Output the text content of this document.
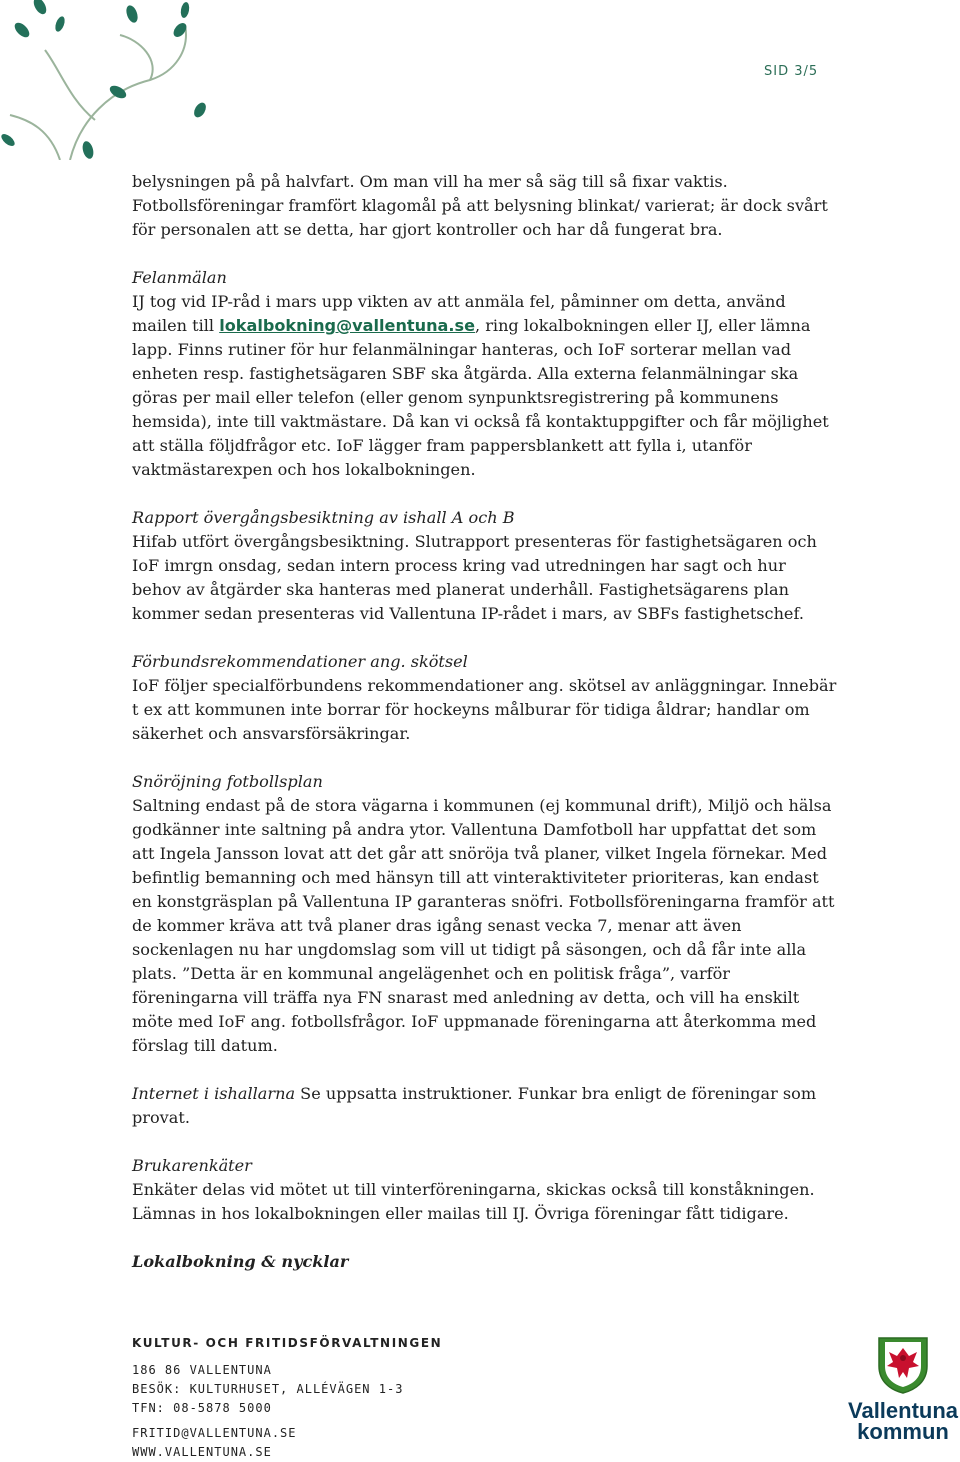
SID 3/5

belysningen på på halvfart. Om man vill ha mer så säg till så fixar vaktis.

Fotbollsföreningar framfört klagomål på att belysning blinkat/ varierat; är dock svårt för personalen att se detta, har gjort kontroller och har då fungerat bra.

Felanmälan

IJ tog vid IP-råd i mars upp vikten av att anmäla fel, påminner om detta, använd mailen till lokalbokning@vallentuna.se, ring lokalbokningen eller IJ, eller lämna lapp. Finns rutiner för hur felanmälningar hanteras, och IoF sorterar mellan vad enheten resp. fastighetsägaren SBF ska åtgärda. Alla externa felanmälningar ska göras per mail eller telefon (eller genom synpunktsregistrering på kommunens hemsida), inte till vaktmästare. Då kan vi också få kontaktuppgifter och får möjlighet att ställa följdfrågor etc. IoF lägger fram pappersblankett att fylla i, utanför vaktmästarexpen och hos lokalbokningen.

Rapport övergångsbesiktning av ishall A och B

Hifab utfört övergångsbesiktning. Slutrapport presenteras för fastighetsägaren och IoF imrgn onsdag, sedan intern process kring vad utredningen har sagt och hur behov av åtgärder ska hanteras med planerat underhåll. Fastighetsägarens plan kommer sedan presenteras vid Vallentuna IP-rådet i mars, av SBFs fastighetschef.

Förbundsrekommendationer ang. skötsel

IoF följer specialförbundens rekommendationer ang. skötsel av anläggningar. Innebär t ex att kommunen inte borrar för hockeyns målburar för tidiga åldrar; handlar om säkerhet och ansvarsförsäkringar.

Snöröjning fotbollsplan

Saltning endast på de stora vägarna i kommunen (ej kommunal drift), Miljö och hälsa godkänner inte saltning på andra ytor. Vallentuna Damfotboll har uppfattat det som att Ingela Jansson lovat att det går att snöröja två planer, vilket Ingela förnekar. Med befintlig bemanning och med hänsyn till att vinteraktiviteter prioriteras, kan endast en konstgräsplan på Vallentuna IP garanteras snöfri. Fotbollsföreningarna framför att de kommer kräva att två planer dras igång senast vecka 7, menar att även sockenlagen nu har ungdomslag som vill ut tidigt på säsongen, och då får inte alla plats. ”Detta är en kommunal angelägenhet och en politisk fråga”, varför föreningarna vill träffa nya FN snarast med anledning av detta, och vill ha enskilt möte med IoF ang. fotbollsfrågor. IoF uppmanade föreningarna att återkomma med förslag till datum.

Internet i ishallarna Se uppsatta instruktioner. Funkar bra enligt de föreningar som provat.

Brukarenkäter

Enkäter delas vid mötet ut till vinterföreningarna, skickas också till konståkningen. Lämnas in hos lokalbokningen eller mailas till IJ. Övriga föreningar fått tidigare.

Lokalbokning & nycklar

KULTUR- OCH FRITIDSFÖRVALTNINGEN
186 86 VALLENTUNA
BESÖK: KULTURHUSET, ALLÉVÄGEN 1-3
TFN: 08-5878 5000
FRITID@VALLENTUNA.SE
WWW.VALLENTUNA.SE
Vallentuna
kommun
